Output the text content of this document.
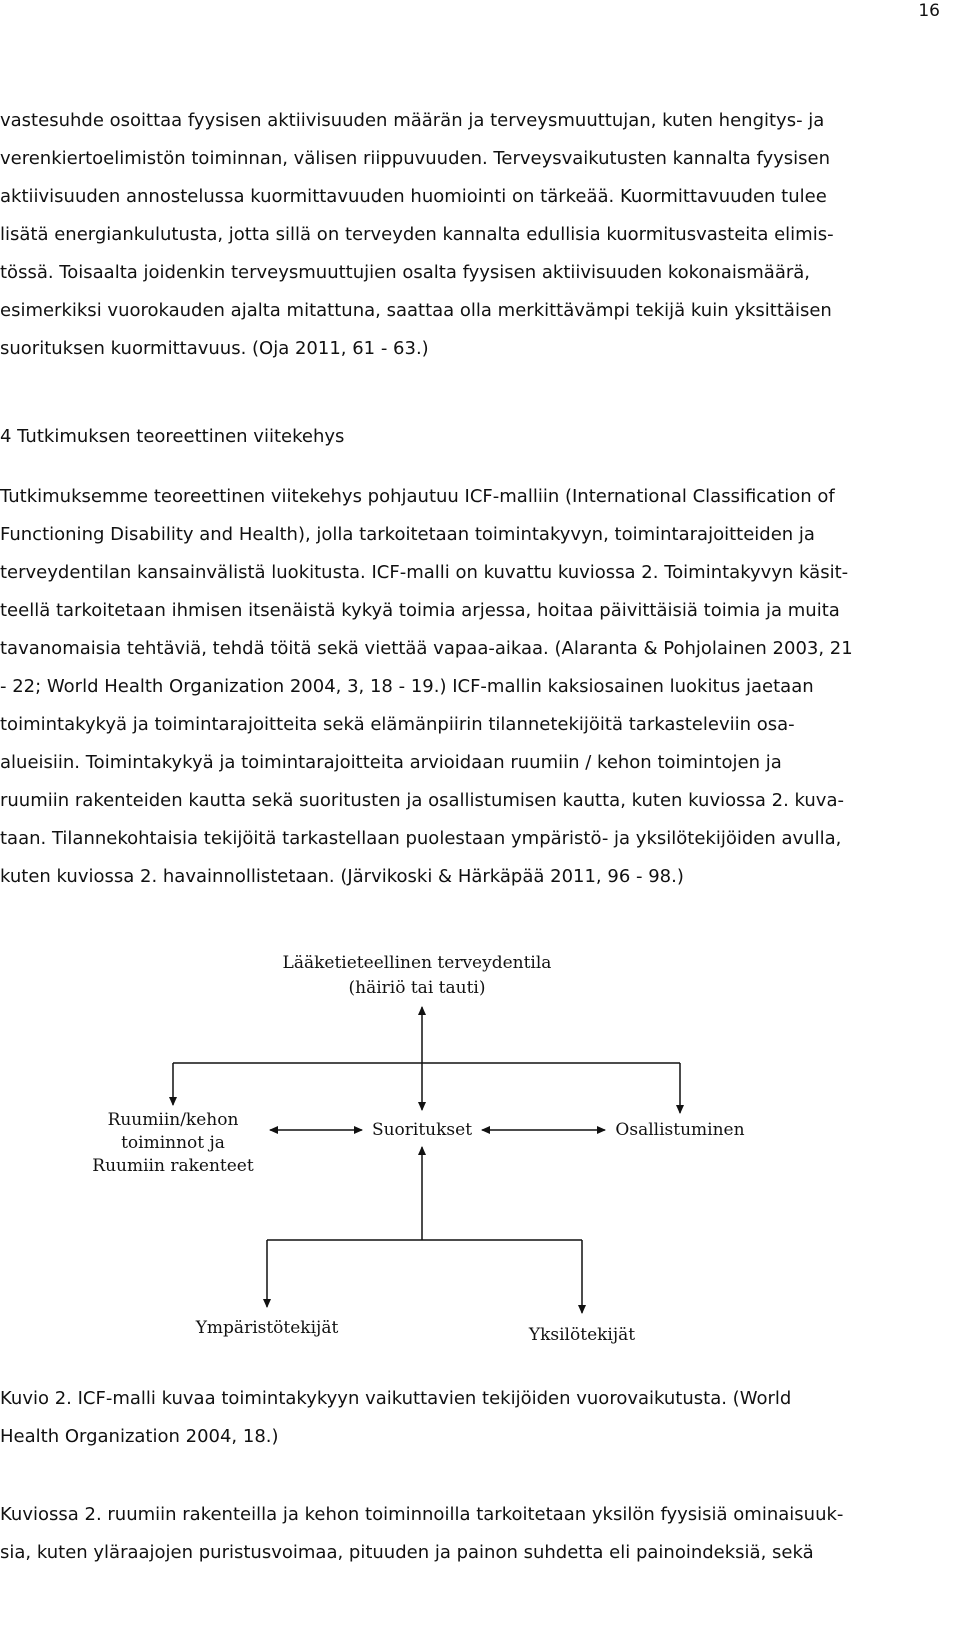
16
vastesuhde osoittaa fyysisen aktiivisuuden määrän ja terveysmuuttujan, kuten hengitys- ja
verenkiertoelimistön toiminnan, välisen riippuvuuden. Terveysvaikutusten kannalta fyysisen
aktiivisuuden annostelussa kuormittavuuden huomiointi on tärkeää. Kuormittavuuden tulee
lisätä energiankulutusta, jotta sillä on terveyden kannalta edullisia kuormitusvasteita elimis-
tössä. Toisaalta joidenkin terveysmuuttujien osalta fyysisen aktiivisuuden kokonaismäärä,
esimerkiksi vuorokauden ajalta mitattuna, saattaa olla merkittävämpi tekijä kuin yksittäisen
suorituksen kuormittavuus. (Oja 2011, 61 - 63.)
4 Tutkimuksen teoreettinen viitekehys
Tutkimuksemme teoreettinen viitekehys pohjautuu ICF-malliin (International Classification of
Functioning Disability and Health), jolla tarkoitetaan toimintakyvyn, toimintarajoitteiden ja
terveydentilan kansainvälistä luokitusta. ICF-malli on kuvattu kuviossa 2. Toimintakyvyn käsit-
teellä tarkoitetaan ihmisen itsenäistä kykyä toimia arjessa, hoitaa päivittäisiä toimia ja muita
tavanomaisia tehtäviä, tehdä töitä sekä viettää vapaa-aikaa. (Alaranta & Pohjolainen 2003, 21
- 22; World Health Organization 2004, 3, 18 - 19.) ICF-mallin kaksiosainen luokitus jaetaan
toimintakykyä ja toimintarajoitteita sekä elämänpiirin tilannetekijöitä tarkasteleviin osa-
alueisiin. Toimintakykyä ja toimintarajoitteita arvioidaan ruumiin / kehon toimintojen ja
ruumiin rakenteiden kautta sekä suoritusten ja osallistumisen kautta, kuten kuviossa 2. kuva-
taan. Tilannekohtaisia tekijöitä tarkastellaan puolestaan ympäristö- ja yksilötekijöiden avulla,
kuten kuviossa 2. havainnollistetaan. (Järvikoski & Härkäpää 2011, 96 - 98.)
Lääketieteellinen terveydentila
(häiriö tai tauti)
Ruumiin/kehon
toiminnot ja
Ruumiin rakenteet
Suoritukset	Osallistuminen
Ympäristötekijät	Yksilötekijät
Kuvio 2. ICF-malli kuvaa toimintakykyyn vaikuttavien tekijöiden vuorovaikutusta. (World
Health Organization 2004, 18.)
Kuviossa 2. ruumiin rakenteilla ja kehon toiminnoilla tarkoitetaan yksilön fyysisiä ominaisuuk-
sia, kuten yläraajojen puristusvoimaa, pituuden ja painon suhdetta eli painoindeksiä, sekä
